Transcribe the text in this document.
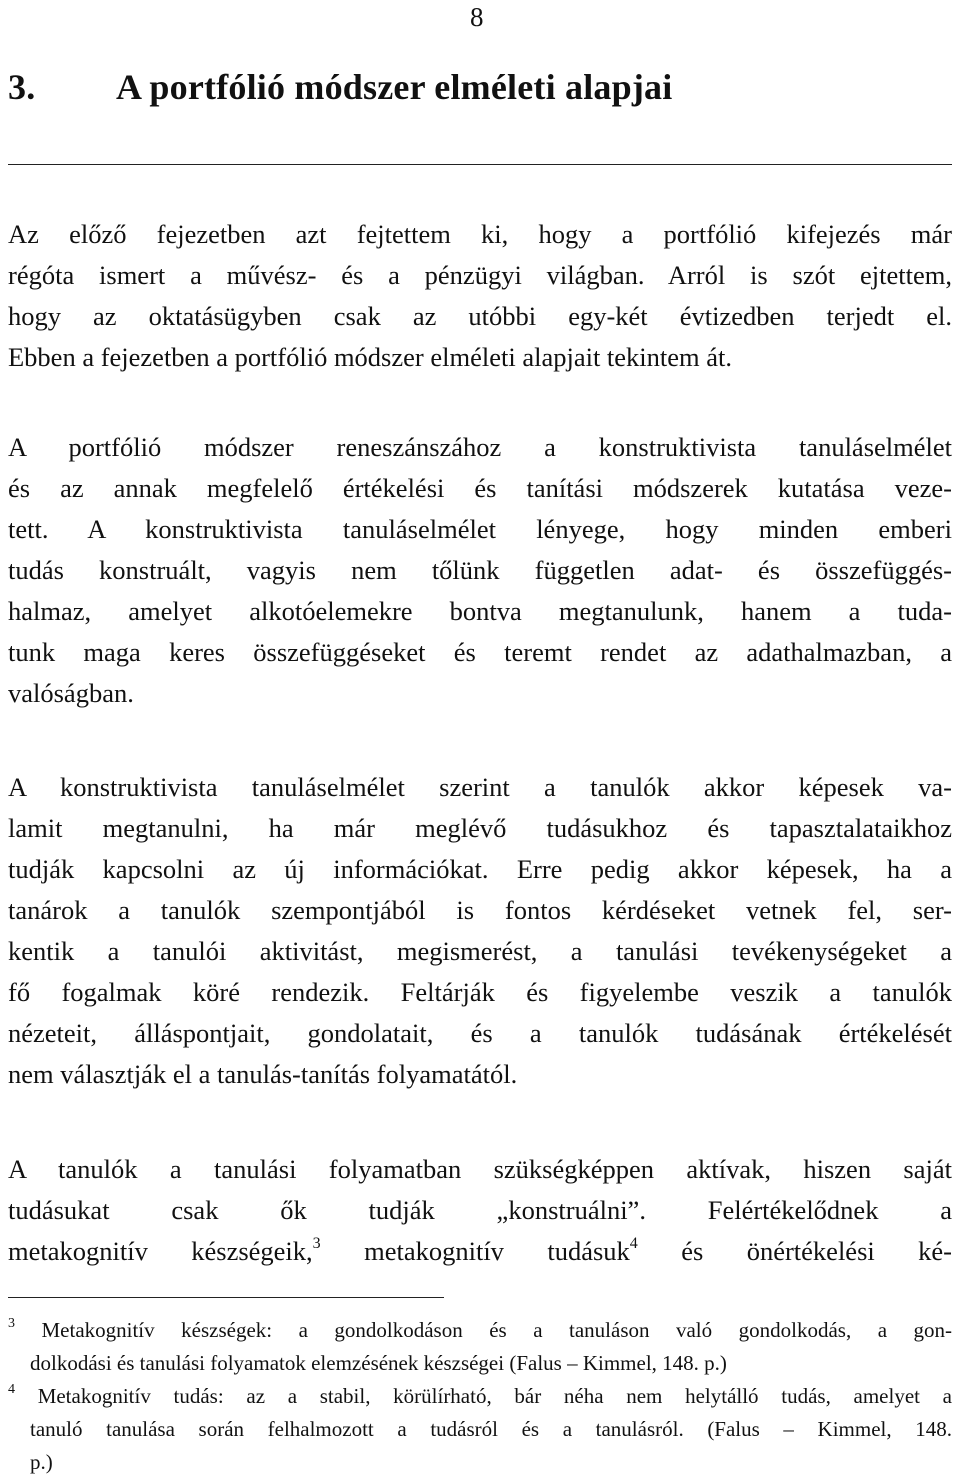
8
3. A portfólió módszer elméleti alapjai
Az előző fejezetben azt fejtettem ki, hogy a portfólió kifejezés már
régóta ismert a művész- és a pénzügyi világban. Arról is szót ejtettem,
hogy az oktatásügyben csak az utóbbi egy-két évtizedben terjedt el.
Ebben a fejezetben a portfólió módszer elméleti alapjait tekintem át.
A portfólió módszer reneszánszához a konstruktivista tanuláselmélet
és az annak megfelelő értékelési és tanítási módszerek kutatása veze-
tett. A konstruktivista tanuláselmélet lényege, hogy minden emberi
tudás konstruált, vagyis nem tőlünk független adat- és összefüggés-
halmaz, amelyet alkotóelemekre bontva megtanulunk, hanem a tuda-
tunk maga keres összefüggéseket és teremt rendet az adathalmazban, a
valóságban.
A konstruktivista tanuláselmélet szerint a tanulók akkor képesek va-
lamit megtanulni, ha már meglévő tudásukhoz és tapasztalataikhoz
tudják kapcsolni az új információkat. Erre pedig akkor képesek, ha a
tanárok a tanulók szempontjából is fontos kérdéseket vetnek fel, ser-
kentik a tanulói aktivitást, megismerést, a tanulási tevékenységeket a
fő fogalmak köré rendezik. Feltárják és figyelembe veszik a tanulók
nézeteit, álláspontjait, gondolatait, és a tanulók tudásának értékelését
nem választják el a tanulás-tanítás folyamatától.
A tanulók a tanulási folyamatban szükségképpen aktívak, hiszen saját
tudásukat csak ők tudják „konstruálni”. Felértékelődnek a
metakognitív készségeik,$^3$ metakognitív tudásuk$^4$ és önértékelési ké-
$^3$ Metakognitív készségek: a gondolkodáson és a tanuláson való gondolkodás, a gon-
dolkodási és tanulási folyamatok elemzésének készségei (Falus – Kimmel, 148. p.)
$^4$ Metakognitív tudás: az a stabil, körülírható, bár néha nem helytálló tudás, amelyet a
tanuló tanulása során felhalmozott a tudásról és a tanulásról. (Falus – Kimmel, 148.
p.)
